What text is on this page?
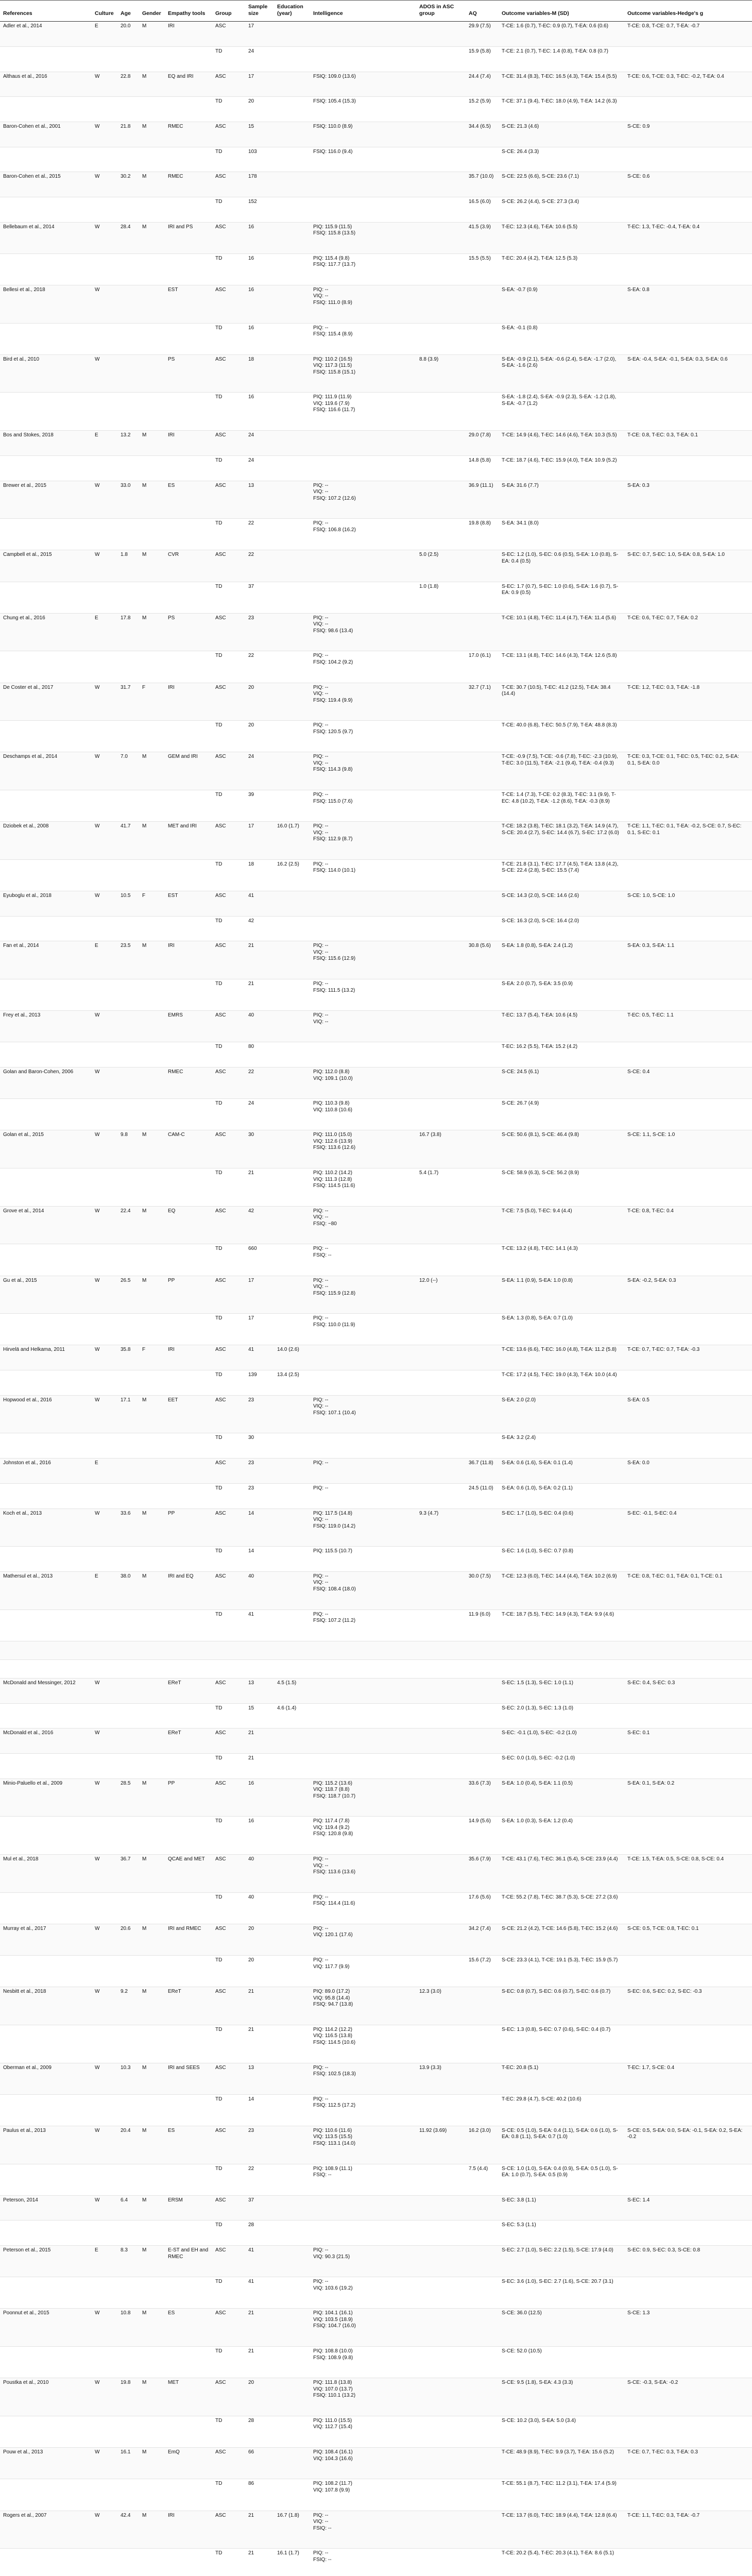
References	Culture	Age	Gender	Empathy tools	Group	Sample size	Education (year)	Intelligence	ADOS in ASC group	AQ	Outcome variables-M (SD)	Outcome variables-Hedge's g
Adler et al., 2014	E	20.0	M	IRI	ASC	17				29.9 (7.5)	T-CE: 1.6 (0.7), T-EC: 0.9 (0.7), T-EA: 0.6 (0.6)	T-CE: 0.8, T-CE: 0.7, T-EA: -0.7
					TD	24				15.9 (5.8)	T-CE: 2.1 (0.7), T-EC: 1.4 (0.8), T-EA: 0.8 (0.7)	
Althaus et al., 2016	W	22.8	M	EQ and IRI	ASC	17		FSIQ: 109.0 (13.6)		24.4 (7.4)	T-CE: 31.4 (8.3), T-EC: 16.5 (4.3), T-EA: 15.4 (5.5)	T-CE: 0.6, T-CE: 0.3, T-EC: -0.2, T-EA: 0.4
					TD	20		FSIQ: 105.4 (15.3)		15.2 (5.9)	T-CE: 37.1 (9.4), T-EC: 18.0 (4.9), T-EA: 14.2 (6.3)	
Baron-Cohen et al., 2001	W	21.8	M	RMEC	ASC	15		FSIQ: 110.0 (8.9)		34.4 (6.5)	S-CE: 21.3 (4.6)	S-CE: 0.9
					TD	103		FSIQ: 116.0 (9.4)			S-CE: 26.4 (3.3)	
Baron-Cohen et al., 2015	W	30.2	M	RMEC	ASC	178				35.7 (10.0)	S-CE: 22.5 (6.6), S-CE: 23.6 (7.1)	S-CE: 0.6
					TD	152				16.5 (6.0)	S-CE: 26.2 (4.4), S-CE: 27.3 (3.4)	
Bellebaum et al., 2014	W	28.4	M	IRI and PS	ASC	16		PIQ: 115.9 (11.5)
FSIQ: 115.8 (13.5)		41.5 (3.9)	T-EC: 12.3 (4.6), T-EA: 10.6 (5.5)	T-EC: 1.3, T-EC: -0.4, T-EA: 0.4
					TD	16		PIQ: 115.4 (9.8)
FSIQ: 117.7 (13.7)		15.5 (5.5)	T-EC: 20.4 (4.2), T-EA: 12.5 (5.3)	
Bellesi et al., 2018	W			EST	ASC	16		PIQ: --
VIQ: --
FSIQ: 111.0 (8.9)			S-EA: -0.7 (0.9)	S-EA: 0.8
					TD	16		PIQ: --
FSIQ: 115.4 (8.9)			S-EA: -0.1 (0.8)	
Bird et al., 2010	W			PS	ASC	18		PIQ: 110.2 (16.5)
VIQ: 117.3 (11.5)
FSIQ: 115.8 (15.1)	8.8 (3.9)		S-EA: -0.9 (2.1), S-EA: -0.6 (2.4), S-EA: -1.7 (2.0), S-EA: -1.6 (2.6)	S-EA: -0.4, S-EA: -0.1, S-EA: 0.3, S-EA: 0.6
					TD	16		PIQ: 111.9 (11.9)
VIQ: 119.6 (7.9)
FSIQ: 116.6 (11.7)			S-EA: -1.8 (2.4), S-EA: -0.9 (2.3), S-EA: -1.2 (1.8), S-EA: -0.7 (1.2)	
Bos and Stokes, 2018	E	13.2	M	IRI	ASC	24				29.0 (7.8)	T-CE: 14.9 (4.6), T-EC: 14.6 (4.6), T-EA: 10.3 (5.5)	T-CE: 0.8, T-EC: 0.3, T-EA: 0.1
					TD	24				14.8 (5.8)	T-CE: 18.7 (4.6), T-EC: 15.9 (4.0), T-EA: 10.9 (5.2)	
Brewer et al., 2015	W	33.0	M	ES	ASC	13		PIQ: --
VIQ: --
FSIQ: 107.2 (12.6)		36.9 (11.1)	S-EA: 31.6 (7.7)	S-EA: 0.3
					TD	22		PIQ: --
FSIQ: 106.8 (16.2)		19.8 (8.8)	S-EA: 34.1 (8.0)	
Campbell et al., 2015	W	1.8	M	CVR	ASC	22			5.0 (2.5)		S-EC: 1.2 (1.0), S-EC: 0.6 (0.5), S-EA: 1.0 (0.8), S-EA: 0.4 (0.5)	S-EC: 0.7, S-EC: 1.0, S-EA: 0.8, S-EA: 1.0
					TD	37			1.0 (1.8)		S-EC: 1.7 (0.7), S-EC: 1.0 (0.6), S-EA: 1.6 (0.7), S-EA: 0.9 (0.5)	
Chung et al., 2016	E	17.8	M	PS	ASC	23		PIQ: --
VIQ: --
FSIQ: 98.6 (13.4)			T-CE: 10.1 (4.8), T-EC: 11.4 (4.7), T-EA: 11.4 (5.6)	T-CE: 0.6, T-EC: 0.7, T-EA: 0.2
					TD	22		PIQ: --
FSIQ: 104.2 (9.2)		17.0 (6.1)	T-CE: 13.1 (4.8), T-EC: 14.6 (4.3), T-EA: 12.6 (5.8)	
De Coster et al., 2017	W	31.7	F	IRI	ASC	20		PIQ: --
VIQ: --
FSIQ: 119.4 (9.9)		32.7 (7.1)	T-CE: 30.7 (10.5), T-EC: 41.2 (12.5), T-EA: 38.4 (14.4)	T-CE: 1.2, T-EC: 0.3, T-EA: -1.8
					TD	20		PIQ: --
FSIQ: 120.5 (9.7)			T-CE: 40.0 (6.8), T-EC: 50.5 (7.9), T-EA: 48.8 (8.3)	
Deschamps et al., 2014	W	7.0	M	GEM and IRI	ASC	24		PIQ: --
VIQ: --
FSIQ: 114.3 (9.8)			T-CE: -0.9 (7.5), T-CE: -0.6 (7.8), T-EC: -2.3 (10.9), T-EC: 3.0 (11.5), T-EA: -2.1 (9.4), T-EA: -0.4 (9.3)	T-CE: 0.3, T-CE: 0.1, T-EC: 0.5, T-EC: 0.2, S-EA: 0.1, S-EA: 0.0
					TD	39		PIQ: --
FSIQ: 115.0 (7.6)			T-CE: 1.4 (7.3), T-CE: 0.2 (8.3), T-EC: 3.1 (9.9), T-EC: 4.8 (10.2), T-EA: -1.2 (8.6), T-EA: -0.3 (8.9)	
Dziobek et al., 2008	W	41.7	M	MET and IRI	ASC	17	16.0 (1.7)	PIQ: --
VIQ: --
FSIQ: 112.9 (8.7)			T-CE: 18.2 (3.8), T-EC: 18.1 (3.2), T-EA: 14.9 (4.7), S-CE: 20.4 (2.7), S-EC: 14.4 (6.7), S-EC: 17.2 (6.0)	T-CE: 1.1, T-EC: 0.1, T-EA: -0.2, S-CE: 0.7, S-EC: 0.1, S-EC: 0.1
					TD	18	16.2 (2.5)	PIQ: --
FSIQ: 114.0 (10.1)			T-CE: 21.8 (3.1), T-EC: 17.7 (4.5), T-EA: 13.8 (4.2), S-CE: 22.4 (2.8), S-EC: 15.5 (7.4)	
Eyuboglu et al., 2018	W	10.5	F	EST	ASC	41					S-CE: 14.3 (2.0), S-CE: 14.6 (2.6)	S-CE: 1.0, S-CE: 1.0
					TD	42					S-CE: 16.3 (2.0), S-CE: 16.4 (2.0)	
Fan et al., 2014	E	23.5	M	IRI	ASC	21		PIQ: --
VIQ: --
FSIQ: 115.6 (12.9)		30.8 (5.6)	S-EA: 1.8 (0.8), S-EA: 2.4 (1.2)	S-EA: 0.3, S-EA: 1.1
					TD	21		PIQ: --
FSIQ: 111.5 (13.2)			S-EA: 2.0 (0.7), S-EA: 3.5 (0.9)	
Frey et al., 2013	W			EMRS	ASC	40		PIQ: --
VIQ: --			T-EC: 13.7 (5.4), T-EA: 10.6 (4.5)	T-EC: 0.5, T-EC: 1.1
					TD	80					T-EC: 16.2 (5.5), T-EA: 15.2 (4.2)	
Golan and Baron-Cohen, 2006	W			RMEC	ASC	22		PIQ: 112.0 (8.8)
VIQ: 109.1 (10.0)			S-CE: 24.5 (6.1)	S-CE: 0.4
					TD	24		PIQ: 110.3 (9.8)
VIQ: 110.8 (10.6)			S-CE: 26.7 (4.9)	
Golan et al., 2015	W	9.8	M	CAM-C	ASC	30		PIQ: 111.0 (15.0)
VIQ: 112.6 (13.9)
FSIQ: 113.6 (12.6)	16.7 (3.8)		S-CE: 50.6 (8.1), S-CE: 46.4 (9.8)	S-CE: 1.1, S-CE: 1.0
					TD	21		PIQ: 110.2 (14.2)
VIQ: 111.3 (12.8)
FSIQ: 114.5 (11.6)	5.4 (1.7)		S-CE: 58.9 (6.3), S-CE: 56.2 (8.9)	
Grove et al., 2014	W	22.4	M	EQ	ASC	42		PIQ: --
VIQ: --
FSIQ: ~80			T-CE: 7.5 (5.0), T-EC: 9.4 (4.4)	T-CE: 0.8, T-EC: 0.4
					TD	660		PIQ: --
FSIQ: --			T-CE: 13.2 (4.8), T-EC: 14.1 (4.3)	
Gu et al., 2015	W	26.5	M	PP	ASC	17		PIQ: --
VIQ: --
FSIQ: 115.9 (12.8)	12.0 (--)		S-EA: 1.1 (0.9), S-EA: 1.0 (0.8)	S-EA: -0.2, S-EA: 0.3
					TD	17		PIQ: --
FSIQ: 110.0 (11.9)			S-EA: 1.3 (0.8), S-EA: 0.7 (1.0)	
Hirvelä and Helkama, 2011	W	35.8	F	IRI	ASC	41	14.0 (2.6)				T-CE: 13.6 (6.6), T-EC: 16.0 (4.8), T-EA: 11.2 (5.8)	T-CE: 0.7, T-EC: 0.7, T-EA: -0.3
					TD	139	13.4 (2.5)				T-CE: 17.2 (4.5), T-EC: 19.0 (4.3), T-EA: 10.0 (4.4)	
Hopwood et al., 2016	W	17.1	M	EET	ASC	23		PIQ: --
VIQ: --
FSIQ: 107.1 (10.4)			S-EA: 2.0 (2.0)	S-EA: 0.5
					TD	30					S-EA: 3.2 (2.4)	
Johnston et al., 2016	E				ASC	23		PIQ: --		36.7 (11.8)	S-EA: 0.6 (1.6), S-EA: 0.1 (1.4)	S-EA: 0.0
					TD	23		PIQ: --		24.5 (11.0)	S-EA: 0.6 (1.0), S-EA: 0.2 (1.1)	
Koch et al., 2013	W	33.6	M	PP	ASC	14		PIQ: 117.5 (14.8)
VIQ: --
FSIQ: 119.0 (14.2)	9.3 (4.7)		S-EC: 1.7 (1.0), S-EC: 0.4 (0.6)	S-EC: -0.1, S-EC: 0.4
					TD	14		PIQ: 115.5 (10.7)			S-EC: 1.6 (1.0), S-EC: 0.7 (0.8)	
Mathersul et al., 2013	E	38.0	M	IRI and EQ	ASC	40		PIQ: --
VIQ: --
FSIQ: 108.4 (18.0)		30.0 (7.5)	T-CE: 12.3 (6.0), T-EC: 14.4 (4.4), T-EA: 10.2 (6.9)	T-CE: 0.8, T-EC: 0.1, T-EA: 0.1, T-CE: 0.1
					TD	41		PIQ: --
FSIQ: 107.2 (11.2)		11.9 (6.0)	T-CE: 18.7 (5.5), T-EC: 14.9 (4.3), T-EA: 9.9 (4.6)	

McDonald and Messinger, 2012	W			EReT	ASC	13	4.5 (1.5)				S-EC: 1.5 (1.3), S-EC: 1.0 (1.1)	S-EC: 0.4, S-EC: 0.3
					TD	15	4.6 (1.4)				S-EC: 2.0 (1.3), S-EC: 1.3 (1.0)	
McDonald et al., 2016	W			EReT	ASC	21					S-EC: -0.1 (1.0), S-EC: -0.2 (1.0)	S-EC: 0.1
					TD	21					S-EC: 0.0 (1.0), S-EC: -0.2 (1.0)	
Minio-Paluello et al., 2009	W	28.5	M	PP	ASC	16		PIQ: 115.2 (13.6)
VIQ: 118.7 (8.8)
FSIQ: 118.7 (10.7)		33.6 (7.3)	S-EA: 1.0 (0.4), S-EA: 1.1 (0.5)	S-EA: 0.1, S-EA: 0.2
					TD	16		PIQ: 117.4 (7.8)
VIQ: 119.4 (9.2)
FSIQ: 120.8 (9.8)		14.9 (5.6)	S-EA: 1.0 (0.3), S-EA: 1.2 (0.4)	
Mul et al., 2018	W	36.7	M	QCAE and MET	ASC	40		PIQ: --
VIQ: --
FSIQ: 113.6 (13.6)		35.6 (7.9)	T-CE: 43.1 (7.6), T-EC: 36.1 (5.4), S-CE: 23.9 (4.4)	T-CE: 1.5, T-EA: 0.5, S-CE: 0.8, S-CE: 0.4
					TD	40		PIQ: --
FSIQ: 114.4 (11.6)		17.6 (5.6)	T-CE: 55.2 (7.8), T-EC: 38.7 (5.3), S-CE: 27.2 (3.6)	
Murray et al., 2017	W	20.6	M	IRI and RMEC	ASC	20		PIQ: --
VIQ: 120.1 (17.6)		34.2 (7.4)	S-CE: 21.2 (4.2), T-CE: 14.6 (5.8), T-EC: 15.2 (4.6)	S-CE: 0.5, T-CE: 0.8, T-EC: 0.1
					TD	20		PIQ: --
VIQ: 117.7 (9.9)		15.6 (7.2)	S-CE: 23.3 (4.1), T-CE: 19.1 (5.3), T-EC: 15.9 (5.7)	
Nesbitt et al., 2018	W	9.2	M	EReT	ASC	21		PIQ: 89.0 (17.2)
VIQ: 95.8 (14.4)
FSIQ: 94.7 (13.8)	12.3 (3.0)		S-EC: 0.8 (0.7), S-EC: 0.6 (0.7), S-EC: 0.6 (0.7)	S-EC: 0.6, S-EC: 0.2, S-EC: -0.3
					TD	21		PIQ: 114.2 (12.2)
VIQ: 116.5 (13.8)
FSIQ: 114.5 (10.6)			S-EC: 1.3 (0.8), S-EC: 0.7 (0.6), S-EC: 0.4 (0.7)	
Oberman et al., 2009	W	10.3	M	IRI and SEES	ASC	13		PIQ: --
FSIQ: 102.5 (18.3)	13.9 (3.3)		T-EC: 20.8 (5.1)	T-EC: 1.7, S-CE: 0.4
					TD	14		PIQ: --
FSIQ: 112.5 (17.2)			T-EC: 29.8 (4.7), S-CE: 40.2 (10.6)	
Paulus et al., 2013	W	20.4	M	ES	ASC	23		PIQ: 110.6 (11.6)
VIQ: 113.5 (15.5)
FSIQ: 113.1 (14.0)	11.92 (3.69)	16.2 (3.0)	S-CE: 0.5 (1.0), S-EA: 0.4 (1.1), S-EA: 0.6 (1.0), S-EA: 0.8 (1.1), S-EA: 0.7 (1.0)	S-CE: 0.5, S-EA: 0.0, S-EA: -0.1, S-EA: 0.2, S-EA: -0.2
					TD	22		PIQ: 108.9 (11.1)
FSIQ: --		7.5 (4.4)	S-CE: 1.0 (1.0), S-EA: 0.4 (0.9), S-EA: 0.5 (1.0), S-EA: 1.0 (0.7), S-EA: 0.5 (0.9)	
Peterson, 2014	W	6.4	M	ERSM	ASC	37					S-EC: 3.8 (1.1)	S-EC: 1.4
					TD	28					S-EC: 5.3 (1.1)	
Peterson et al., 2015	E	8.3	M	E-ST and EH and RMEC	ASC	41		PIQ: --
VIQ: 90.3 (21.5)			S-EC: 2.7 (1.0), S-EC: 2.2 (1.5), S-CE: 17.9 (4.0)	S-EC: 0.9, S-EC: 0.3, S-CE: 0.8
					TD	41		PIQ: --
VIQ: 103.6 (19.2)			S-EC: 3.6 (1.0), S-EC: 2.7 (1.6), S-CE: 20.7 (3.1)	
Poonnut et al., 2015	W	10.8	M	ES	ASC	21		PIQ: 104.1 (16.1)
VIQ: 103.5 (18.9)
FSIQ: 104.7 (16.0)			S-CE: 36.0 (12.5)	S-CE: 1.3
					TD	21		PIQ: 108.8 (10.0)
FSIQ: 108.9 (9.8)			S-CE: 52.0 (10.5)	
Poustka et al., 2010	W	19.8	M	MET	ASC	20		PIQ: 111.8 (13.8)
VIQ: 107.0 (13.7)
FSIQ: 110.1 (13.2)			S-CE: 9.5 (1.8), S-EA: 4.3 (3.3)	S-CE: -0.3, S-EA: -0.2
					TD	28		PIQ: 111.0 (15.5)
VIQ: 112.7 (15.4)			S-CE: 10.2 (3.0), S-EA: 5.0 (3.4)	
Pouw et al., 2013	W	16.1	M	EmQ	ASC	66		PIQ: 108.4 (16.1)
VIQ: 104.3 (16.6)			T-CE: 48.9 (8.9), T-EC: 9.9 (3.7), T-EA: 15.6 (5.2)	T-CE: 0.7, T-EC: 0.3, T-EA: 0.3
					TD	86		PIQ: 108.2 (11.7)
VIQ: 107.8 (9.9)			T-CE: 55.1 (8.7), T-EC: 11.2 (3.1), T-EA: 17.4 (5.9)	
Rogers et al., 2007	W	42.4	M	IRI	ASC	21	16.7 (1.8)	PIQ: --
VIQ: --
FSIQ: --			T-CE: 13.7 (6.0), T-EC: 18.9 (4.4), T-EA: 12.8 (6.4)	T-CE: 1.1, T-EC: 0.3, T-EA: -0.7
					TD	21	16.1 (1.7)	PIQ: --
FSIQ: --			T-CE: 20.2 (5.4), T-EC: 20.3 (4.1), T-EA: 8.6 (5.1)	
